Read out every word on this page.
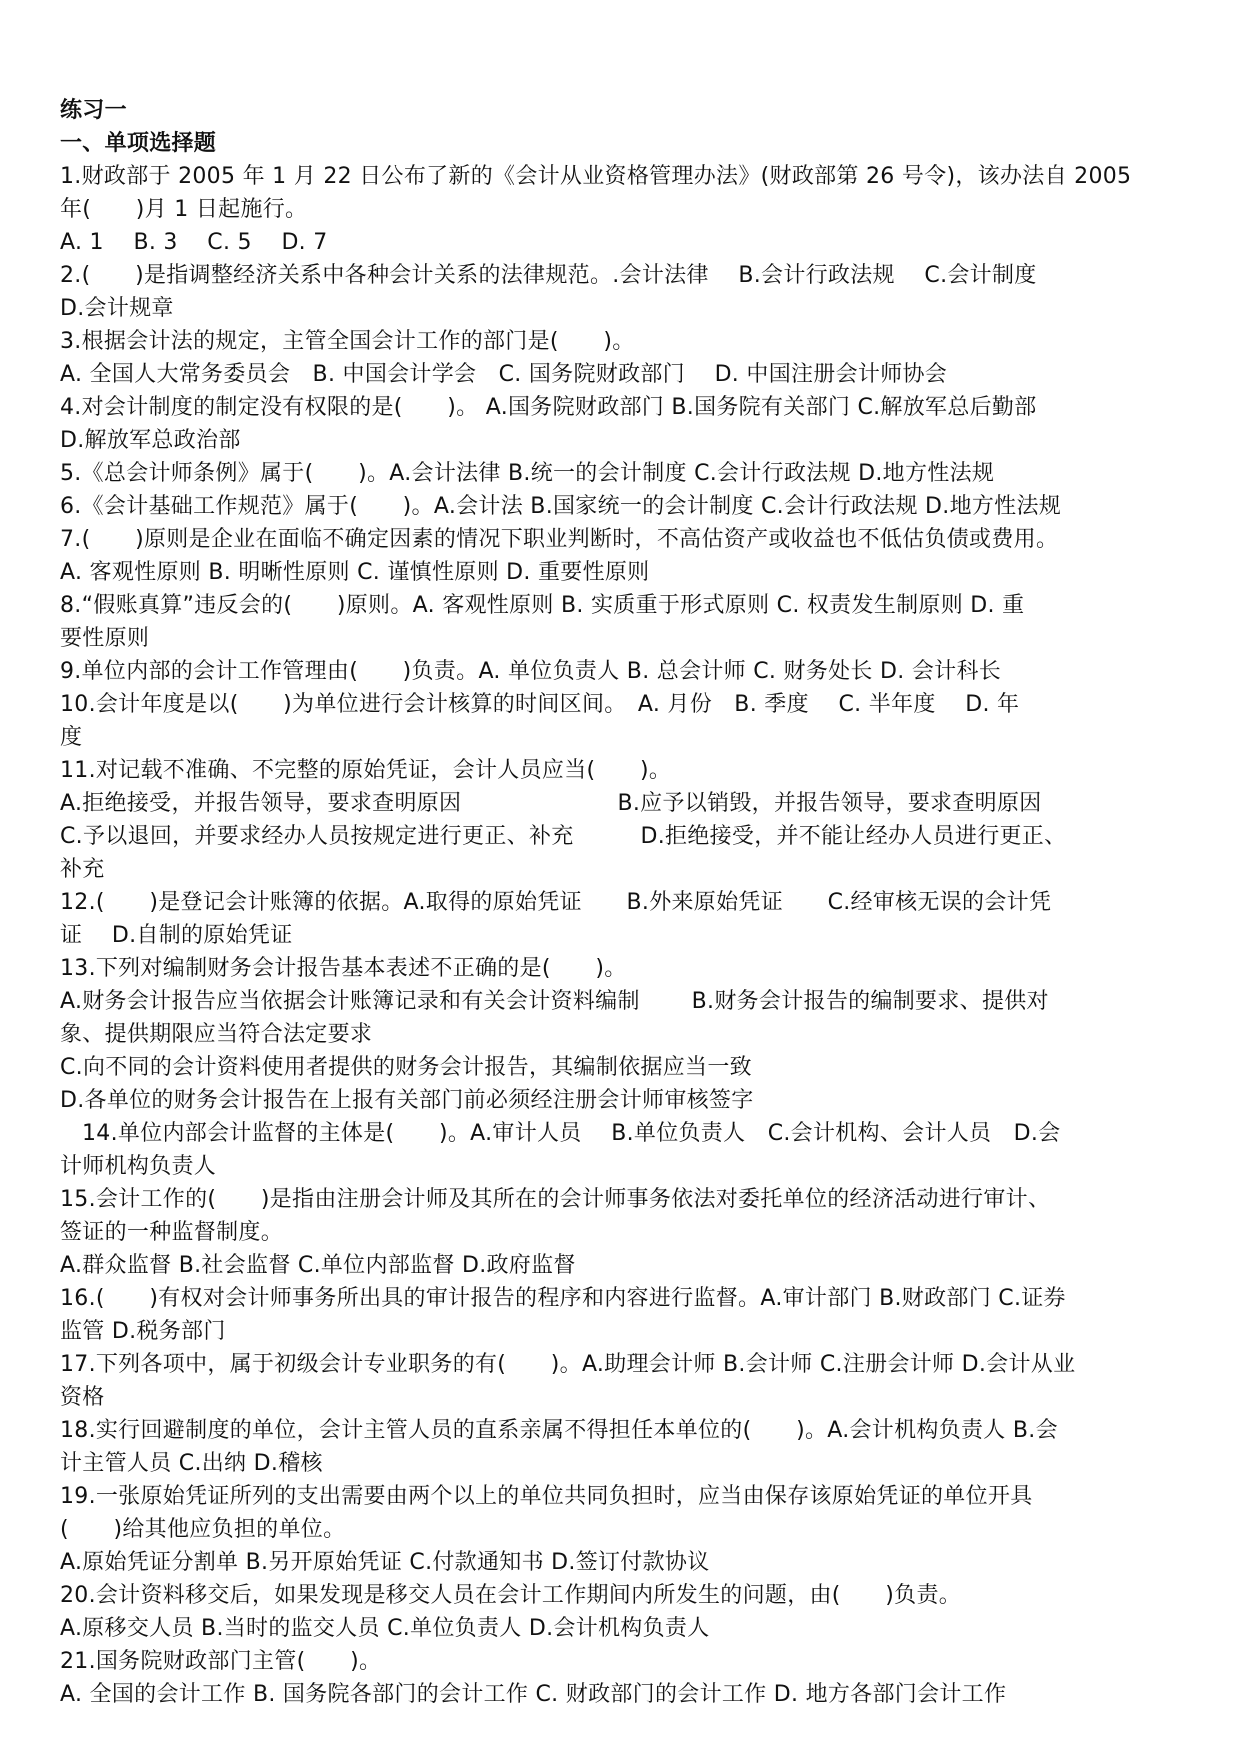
练习一
一、单项选择题
1.财政部于 2005 年 1 月 22 日公布了新的《会计从业资格管理办法》(财政部第 26 号令)，该办法自 2005
年(　　)月 1 日起施行。
A. 1　 B. 3　 C. 5　 D. 7
2.(　　)是指调整经济关系中各种会计关系的法律规范。.会计法律　 B.会计行政法规　 C.会计制度
D.会计规章
3.根据会计法的规定，主管全国会计工作的部门是(　　)。
A. 全国人大常务委员会　B. 中国会计学会　C. 国务院财政部门　 D. 中国注册会计师协会
4.对会计制度的制定没有权限的是(　　)。 A.国务院财政部门 B.国务院有关部门 C.解放军总后勤部
D.解放军总政治部
5.《总会计师条例》属于(　　)。A.会计法律 B.统一的会计制度 C.会计行政法规 D.地方性法规
6.《会计基础工作规范》属于(　　)。A.会计法 B.国家统一的会计制度 C.会计行政法规 D.地方性法规
7.(　　)原则是企业在面临不确定因素的情况下职业判断时，不高估资产或收益也不低估负债或费用。
A. 客观性原则 B. 明晰性原则 C. 谨慎性原则 D. 重要性原则
8.“假账真算”违反会的(　　)原则。A. 客观性原则 B. 实质重于形式原则 C. 权责发生制原则 D. 重
要性原则
9.单位内部的会计工作管理由(　　)负责。A. 单位负责人 B. 总会计师 C. 财务处长 D. 会计科长
10.会计年度是以(　　)为单位进行会计核算的时间区间。　A. 月份　B. 季度　 C. 半年度　 D. 年
度
11.对记载不准确、不完整的原始凭证，会计人员应当(　　)。
A.拒绝接受，并报告领导，要求查明原因　　　　　　　B.应予以销毁，并报告领导，要求查明原因
C.予以退回，并要求经办人员按规定进行更正、补充　　　D.拒绝接受，并不能让经办人员进行更正、
补充
12.(　　)是登记会计账簿的依据。A.取得的原始凭证　　B.外来原始凭证　　C.经审核无误的会计凭
证　 D.自制的原始凭证
13.下列对编制财务会计报告基本表述不正确的是(　　)。
A.财务会计报告应当依据会计账簿记录和有关会计资料编制　　 B.财务会计报告的编制要求、提供对
象、提供期限应当符合法定要求
C.向不同的会计资料使用者提供的财务会计报告，其编制依据应当一致
D.各单位的财务会计报告在上报有关部门前必须经注册会计师审核签字
14.单位内部会计监督的主体是(　　)。A.审计人员　 B.单位负责人　C.会计机构、会计人员　D.会
计师机构负责人
15.会计工作的(　　)是指由注册会计师及其所在的会计师事务依法对委托单位的经济活动进行审计、
签证的一种监督制度。
A.群众监督 B.社会监督 C.单位内部监督 D.政府监督
16.(　　)有权对会计师事务所出具的审计报告的程序和内容进行监督。A.审计部门 B.财政部门 C.证券
监管 D.税务部门
17.下列各项中，属于初级会计专业职务的有(　　)。A.助理会计师 B.会计师 C.注册会计师 D.会计从业
资格
18.实行回避制度的单位，会计主管人员的直系亲属不得担任本单位的(　　)。A.会计机构负责人 B.会
计主管人员 C.出纳 D.稽核
19.一张原始凭证所列的支出需要由两个以上的单位共同负担时，应当由保存该原始凭证的单位开具
(　　)给其他应负担的单位。
A.原始凭证分割单 B.另开原始凭证 C.付款通知书 D.签订付款协议
20.会计资料移交后，如果发现是移交人员在会计工作期间内所发生的问题，由(　　)负责。
A.原移交人员 B.当时的监交人员 C.单位负责人 D.会计机构负责人
21.国务院财政部门主管(　　)。
A. 全国的会计工作 B. 国务院各部门的会计工作 C. 财政部门的会计工作 D. 地方各部门会计工作
